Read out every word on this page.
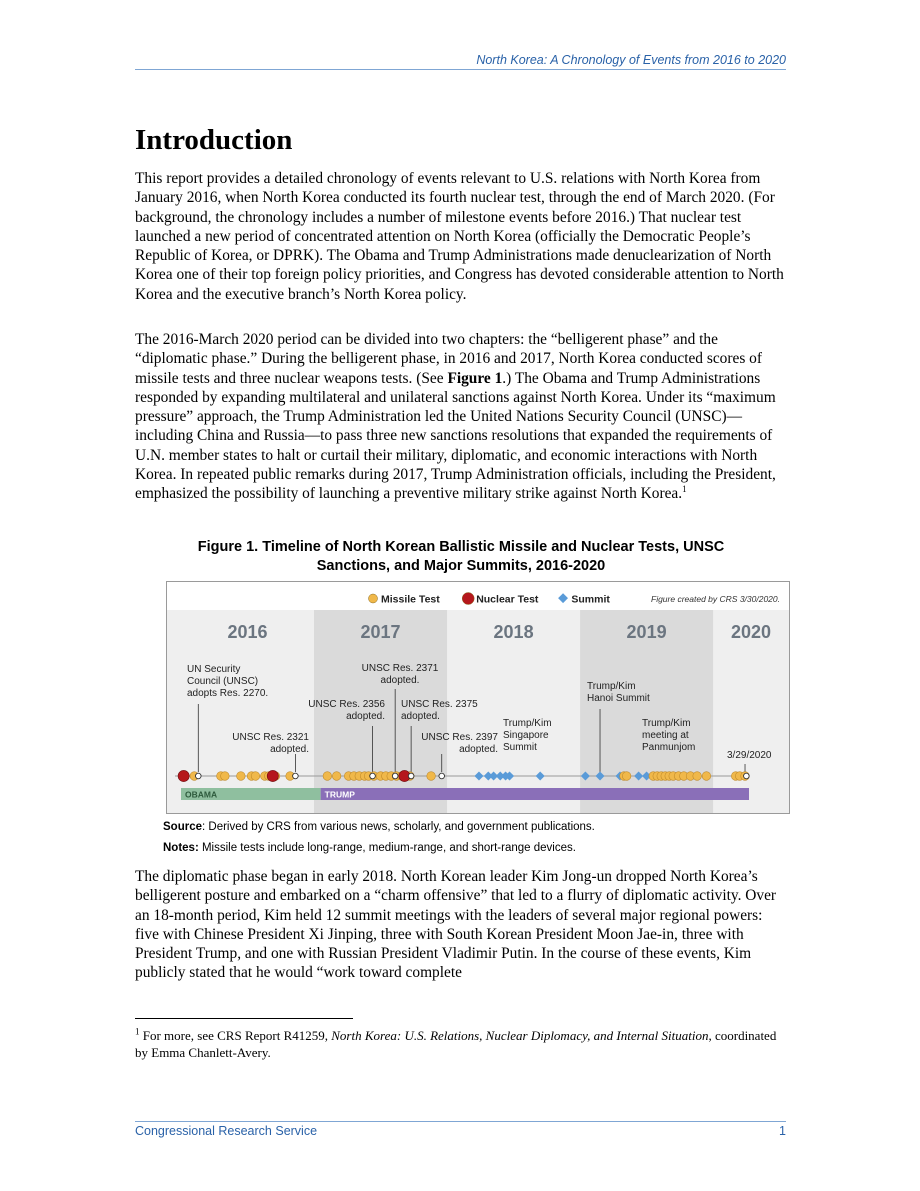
North Korea: A Chronology of Events from 2016 to 2020
Introduction

This report provides a detailed chronology of events relevant to U.S. relations with North Korea from January 2016, when North Korea conducted its fourth nuclear test, through the end of March 2020. (For background, the chronology includes a number of milestone events before 2016.) That nuclear test launched a new period of concentrated attention on North Korea (officially the Democratic People’s Republic of Korea, or DPRK). The Obama and Trump Administrations made denuclearization of North Korea one of their top foreign policy priorities, and Congress has devoted considerable attention to North Korea and the executive branch’s North Korea policy.

The 2016-March 2020 period can be divided into two chapters: the “belligerent phase” and the “diplomatic phase.” During the belligerent phase, in 2016 and 2017, North Korea conducted scores of missile tests and three nuclear weapons tests. (See Figure 1.) The Obama and Trump Administrations responded by expanding multilateral and unilateral sanctions against North Korea. Under its “maximum pressure” approach, the Trump Administration led the United Nations Security Council (UNSC)—including China and Russia—to pass three new sanctions resolutions that expanded the requirements of U.N. member states to halt or curtail their military, diplomatic, and economic interactions with North Korea. In repeated public remarks during 2017, Trump Administration officials, including the President, emphasized the possibility of launching a preventive military strike against North Korea.$^1$

Figure 1. Timeline of North Korean Ballistic Missile and Nuclear Tests, UNSC
Sanctions, and Major Summits, 2016-2020
Missile Test	Nuclear Test	Summit	Figure created by CRS 3/30/2020.
2016	2017	2018	2019	2020
UN Security
Council (UNSC)
adopts Res. 2270.
UNSC Res. 2321
adopted.
UNSC Res. 2356
adopted.
UNSC Res. 2371
adopted.
UNSC Res. 2375
adopted.
UNSC Res. 2397
adopted.
Trump/Kim
Singapore
Summit
Trump/Kim
Hanoi Summit
Trump/Kim
meeting at
Panmunjom
3/29/2020
OBAMA	TRUMP
Source: Derived by CRS from various news, scholarly, and government publications.
Notes: Missile tests include long-range, medium-range, and short-range devices.

The diplomatic phase began in early 2018. North Korean leader Kim Jong-un dropped North Korea’s belligerent posture and embarked on a “charm offensive” that led to a flurry of diplomatic activity. Over an 18-month period, Kim held 12 summit meetings with the leaders of several major regional powers: five with Chinese President Xi Jinping, three with South Korean President Moon Jae-in, three with President Trump, and one with Russian President Vladimir Putin. In the course of these events, Kim publicly stated that he would “work toward complete

$^1$ For more, see CRS Report R41259, North Korea: U.S. Relations, Nuclear Diplomacy, and Internal Situation, coordinated by Emma Chanlett-Avery.
Congressional Research Service	1
